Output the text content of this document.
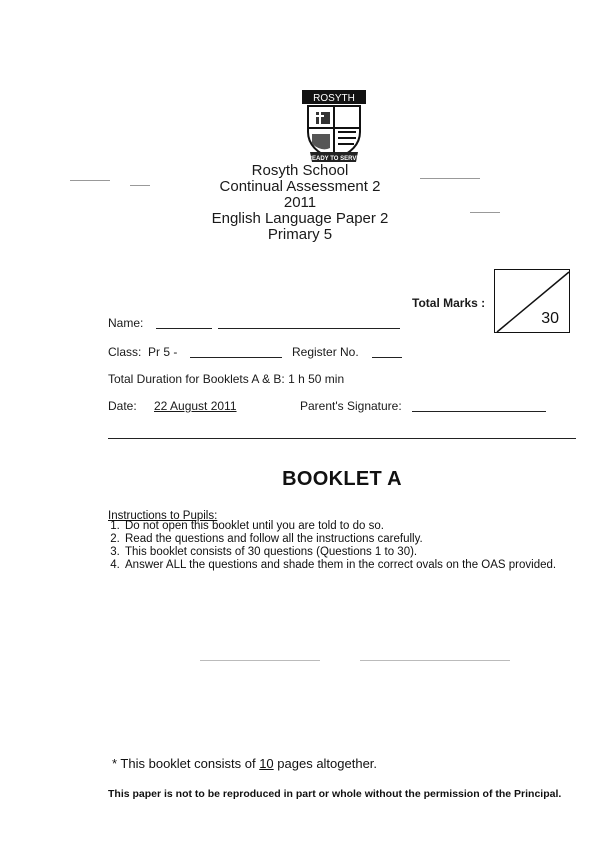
ROSYTH
READY TO SERVE
Rosyth School
Continual Assessment 2
2011
English Language Paper 2
Primary 5
Total Marks :
30
Name:
Class: Pr 5 -	Register No.
Total Duration for Booklets A & B: 1 h 50 min
Date: 22 August 2011	Parent's Signature:
BOOKLET A
Instructions to Pupils:
1. Do not open this booklet until you are told to do so.
2. Read the questions and follow all the instructions carefully.
3. This booklet consists of 30 questions (Questions 1 to 30).
4. Answer ALL the questions and shade them in the correct ovals on the OAS provided.
* This booklet consists of 10 pages altogether.
This paper is not to be reproduced in part or whole without the permission of the Principal.
